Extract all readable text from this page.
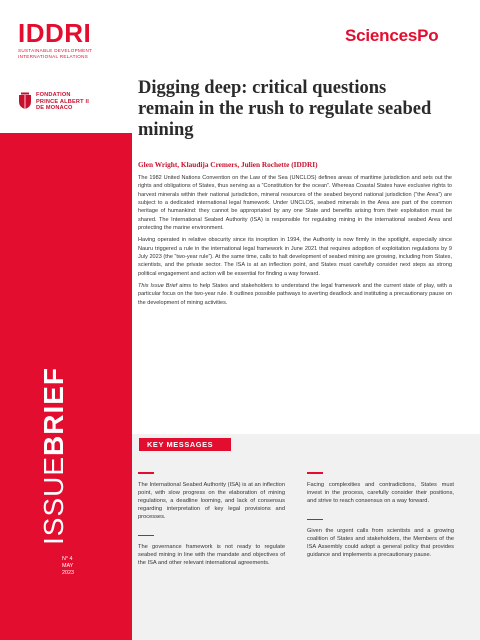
IDDRI
SUSTAINABLE DEVELOPMENT
INTERNATIONAL RELATIONS
FONDATION
PRINCE ALBERT II
DE MONACO
ISSUEBRIEF
N° 4
MAY
2023
SciencesPo
Digging deep: critical questions remain in the rush to regulate seabed mining
Glen Wright, Klaudija Cremers, Julien Rochette (IDDRI)

The 1982 United Nations Convention on the Law of the Sea (UNCLOS) defines areas of maritime jurisdiction and sets out the rights and obligations of States, thus serving as a “Constitution for the ocean”. Whereas Coastal States have exclusive rights to harvest minerals within their national jurisdiction, mineral resources of the seabed beyond national jurisdiction (“the Area”) are subject to a dedicated international legal framework. Under UNCLOS, seabed minerals in the Area are part of the common heritage of humankind: they cannot be appropriated by any one State and benefits arising from their exploitation must be shared. The International Seabed Authority (ISA) is responsible for regulating mining in the international seabed Area and protecting the marine environment.

Having operated in relative obscurity since its inception in 1994, the Authority is now firmly in the spotlight, especially since Nauru triggered a rule in the international legal framework in June 2021 that requires adoption of exploitation regulations by 9 July 2023 (the “two-year rule”). At the same time, calls to halt development of seabed mining are growing, including from States, scientists, and the private sector. The ISA is at an inflection point, and States must carefully consider next steps as strong political engagement and action will be essential for finding a way forward.

This Issue Brief aims to help States and stakeholders to understand the legal framework and the current state of play, with a particular focus on the two-year rule. It outlines possible pathways to averting deadlock and instituting a precautionary pause on the development of mining activities.

KEY MESSAGES
The International Seabed Authority (ISA) is at an inflection point, with slow progress on the elaboration of mining regulations, a deadline looming, and lack of consensus regarding interpretation of key legal provisions and processes.
The governance framework is not ready to regulate seabed mining in line with the mandate and objectives of the ISA and other relevant international agreements.
Facing complexities and contradictions, States must invest in the process, carefully consider their positions, and strive to reach consensus on a way forward.
Given the urgent calls from scientists and a growing coalition of States and stakeholders, the Members of the ISA Assembly could adopt a general policy that provides guidance and implements a precautionary pause.
